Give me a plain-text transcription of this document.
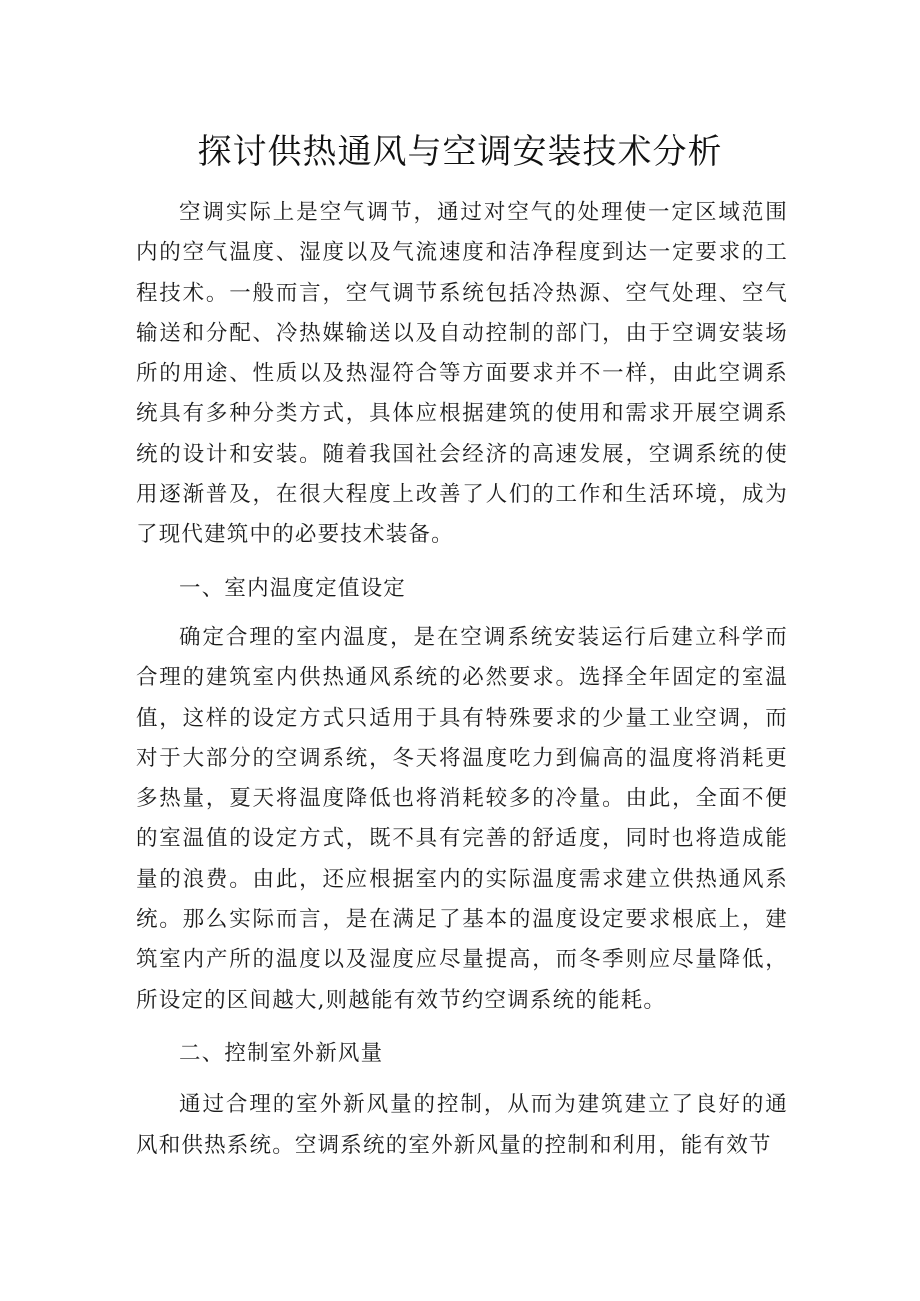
探讨供热通风与空调安装技术分析

空调实际上是空气调节，通过对空气的处理使一定区域范围内的空气温度、湿度以及气流速度和洁净程度到达一定要求的工程技术。一般而言，空气调节系统包括冷热源、空气处理、空气输送和分配、冷热媒输送以及自动控制的部门，由于空调安装场所的用途、性质以及热湿符合等方面要求并不一样，由此空调系统具有多种分类方式，具体应根据建筑的使用和需求开展空调系统的设计和安装。随着我国社会经济的高速发展，空调系统的使用逐渐普及，在很大程度上改善了人们的工作和生活环境，成为了现代建筑中的必要技术装备。

一、室内温度定值设定

确定合理的室内温度，是在空调系统安装运行后建立科学而合理的建筑室内供热通风系统的必然要求。选择全年固定的室温值，这样的设定方式只适用于具有特殊要求的少量工业空调，而对于大部分的空调系统，冬天将温度吃力到偏高的温度将消耗更多热量，夏天将温度降低也将消耗较多的冷量。由此，全面不便的室温值的设定方式，既不具有完善的舒适度，同时也将造成能量的浪费。由此，还应根据室内的实际温度需求建立供热通风系统。那么实际而言，是在满足了基本的温度设定要求根底上，建筑室内产所的温度以及湿度应尽量提高，而冬季则应尽量降低，所设定的区间越大,则越能有效节约空调系统的能耗。

二、控制室外新风量

通过合理的室外新风量的控制，从而为建筑建立了良好的通风和供热系统。空调系统的室外新风量的控制和利用，能有效节
